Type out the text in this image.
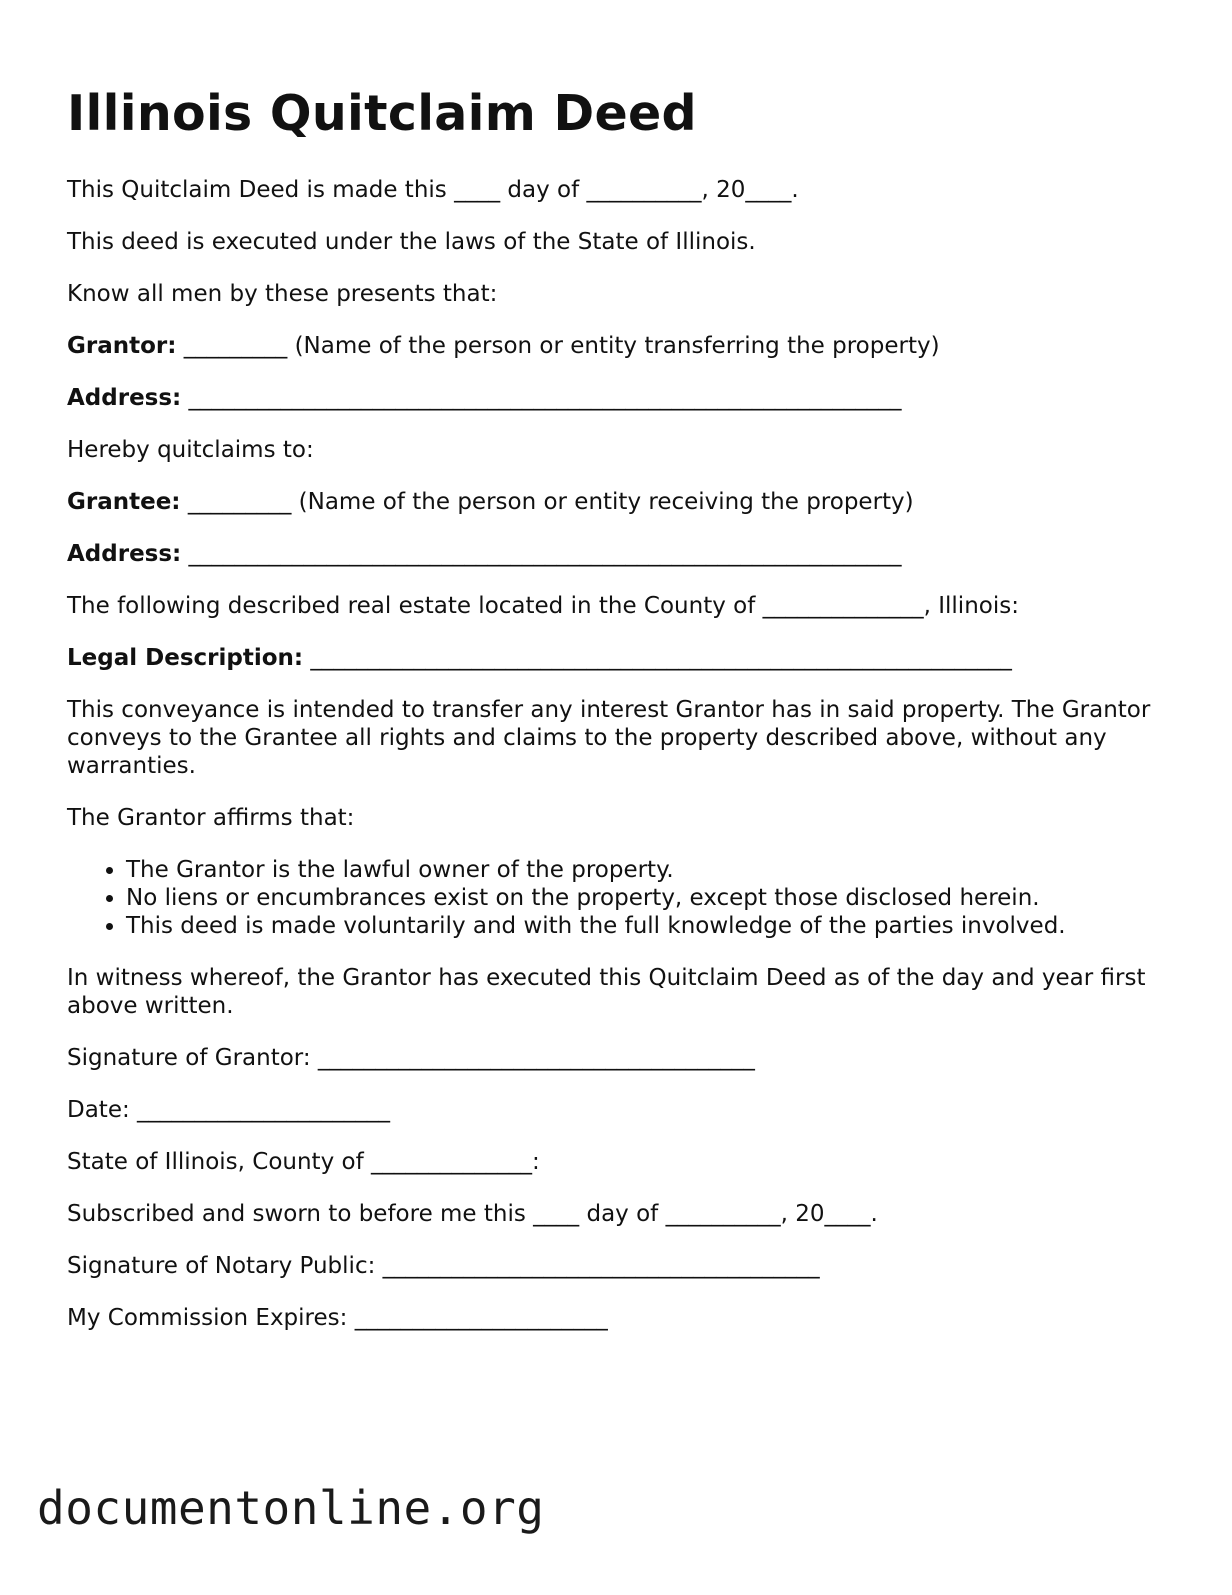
Illinois Quitclaim Deed

This Quitclaim Deed is made this ____ day of __________, 20____.

This deed is executed under the laws of the State of Illinois.

Know all men by these presents that:

Grantor: _________ (Name of the person or entity transferring the property)

Address: ______________________________________________________________

Hereby quitclaims to:

Grantee: _________ (Name of the person or entity receiving the property)

Address: ______________________________________________________________

The following described real estate located in the County of ______________, Illinois:

Legal Description: _____________________________________________________________

This conveyance is intended to transfer any interest Grantor has in said property. The Grantor conveys to the Grantee all rights and claims to the property described above, without any warranties.

The Grantor affirms that:

• The Grantor is the lawful owner of the property.
• No liens or encumbrances exist on the property, except those disclosed herein.
• This deed is made voluntarily and with the full knowledge of the parties involved.

In witness whereof, the Grantor has executed this Quitclaim Deed as of the day and year first above written.

Signature of Grantor: ______________________________________

Date: ______________________

State of Illinois, County of ______________:

Subscribed and sworn to before me this ____ day of __________, 20____.

Signature of Notary Public: ______________________________________

My Commission Expires: ______________________

documentonline.org
